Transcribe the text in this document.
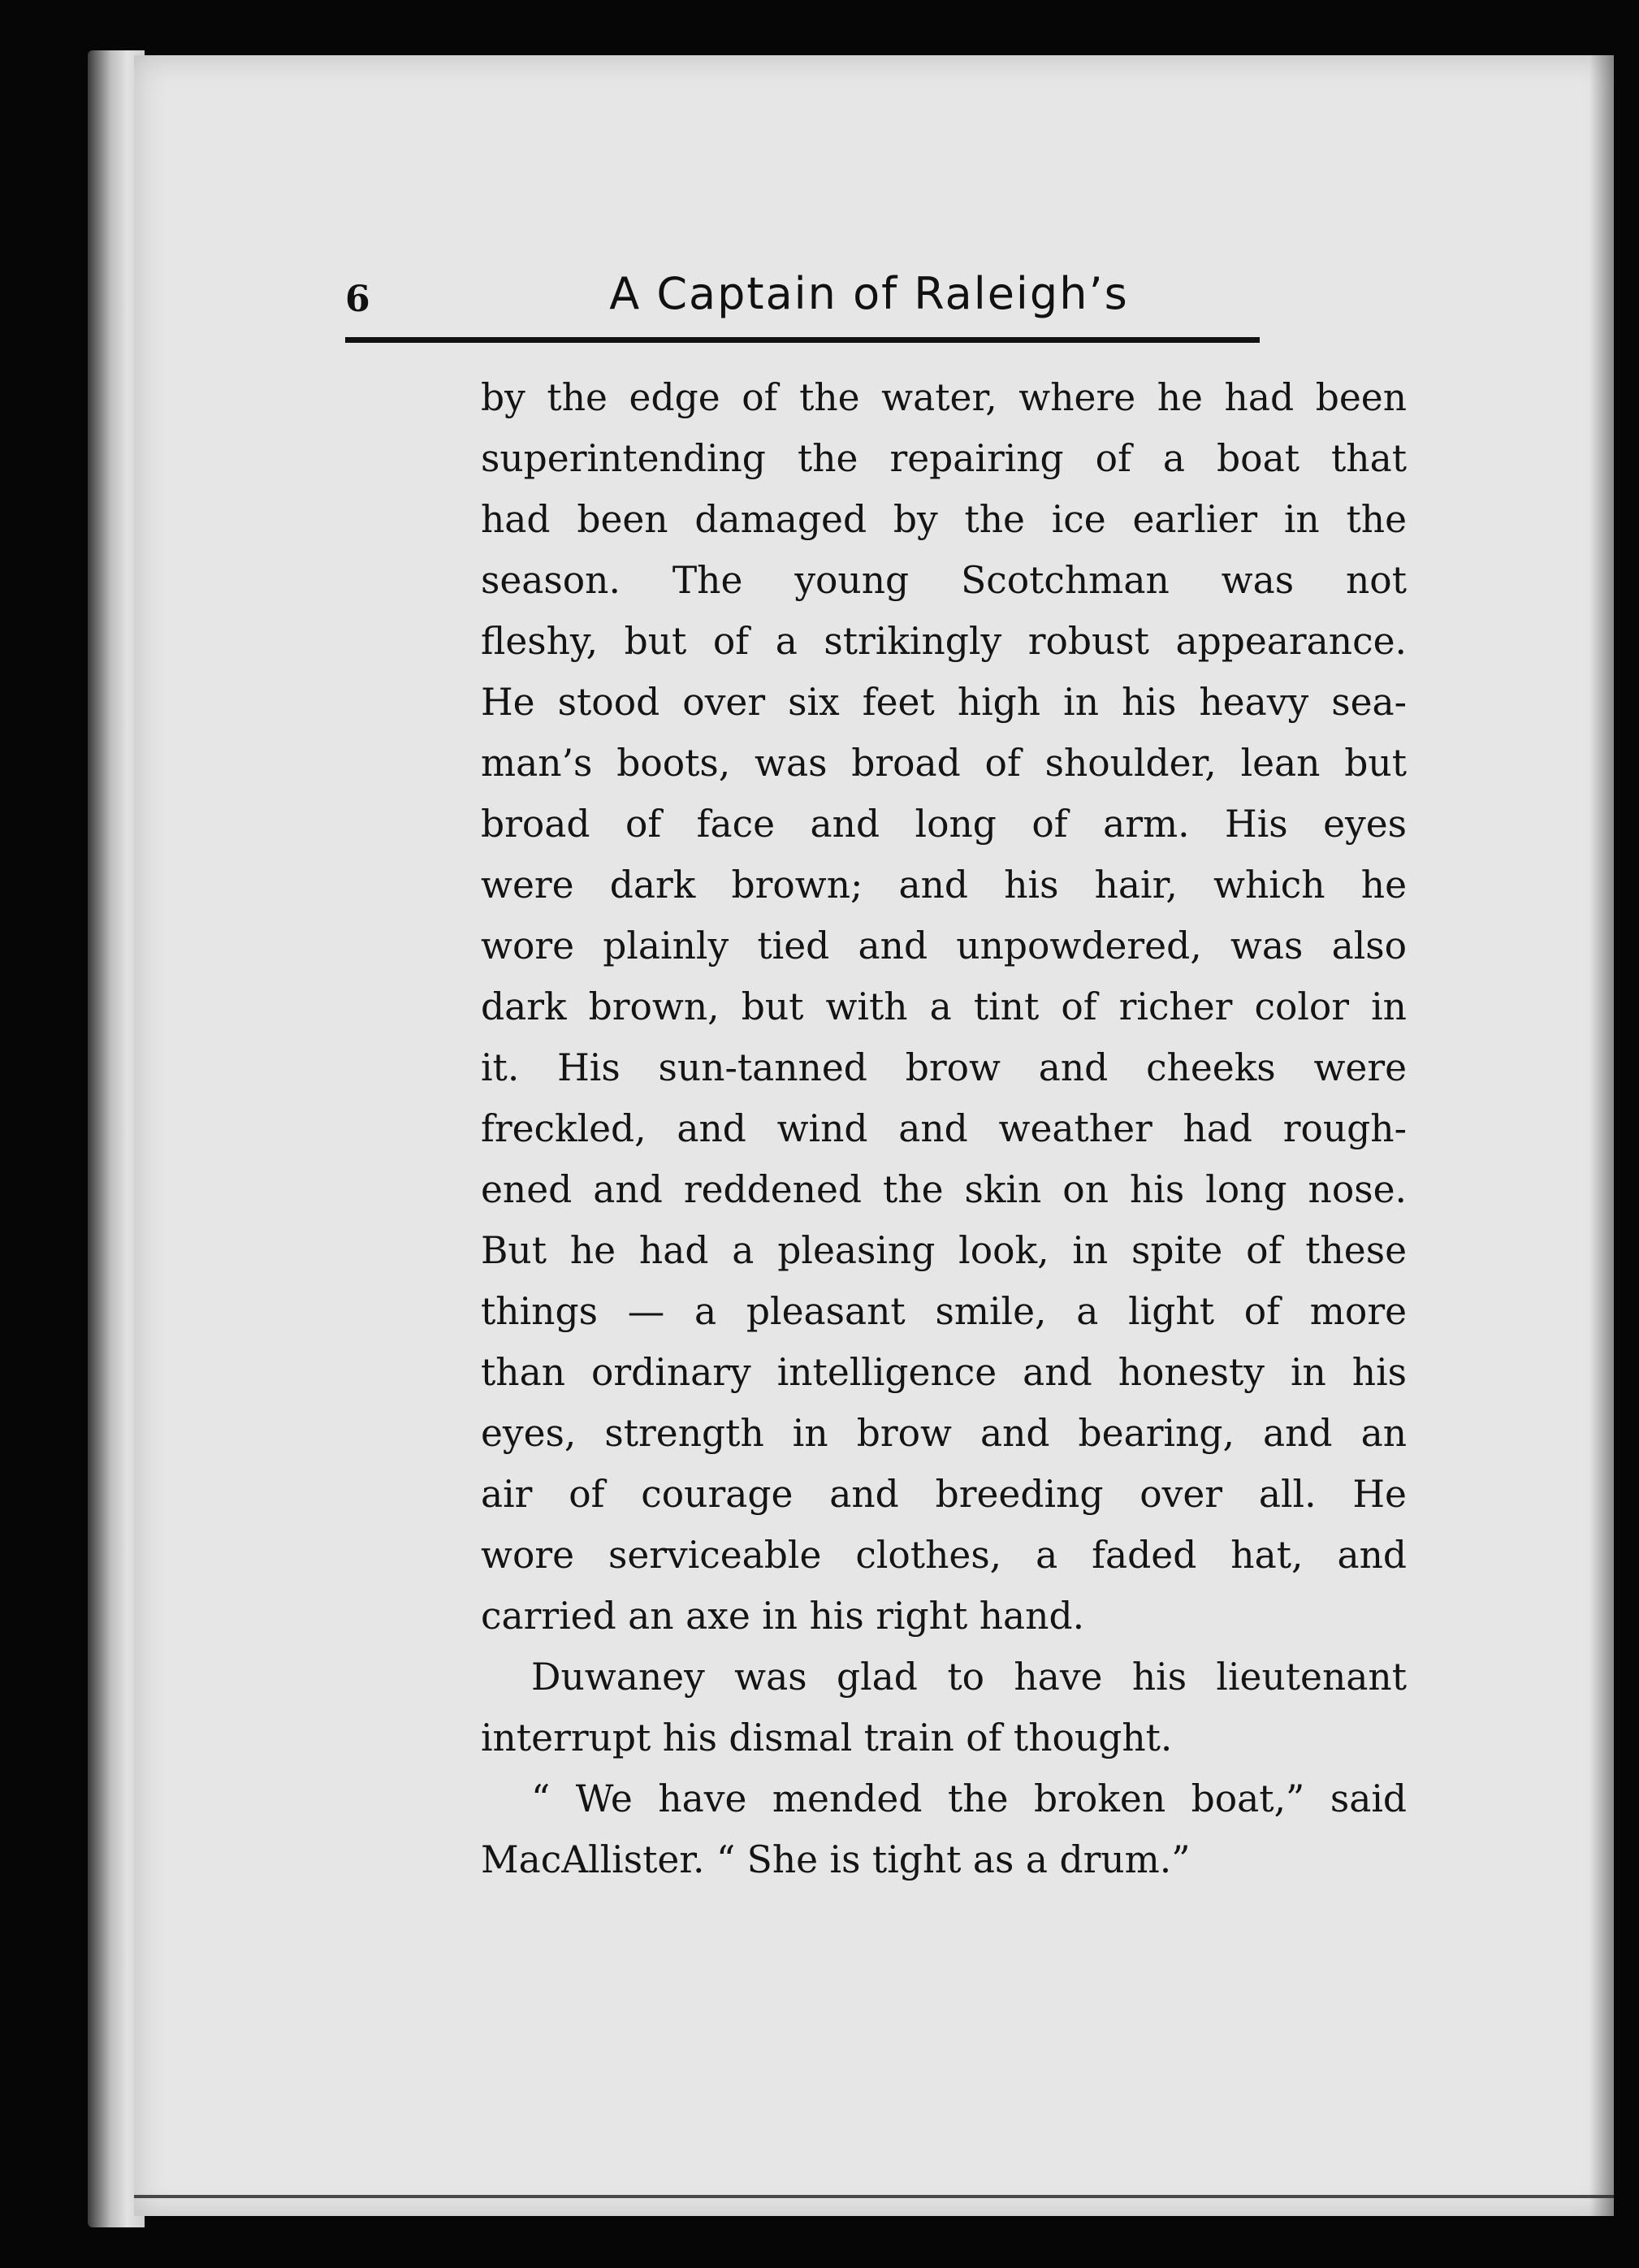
6	A Captain of Raleigh’s
by the edge of the water, where he had been
superintending the repairing of a boat that
had been damaged by the ice earlier in the
season. The young Scotchman was not
fleshy, but of a strikingly robust appearance.
He stood over six feet high in his heavy sea-
man’s boots, was broad of shoulder, lean but
broad of face and long of arm. His eyes
were dark brown; and his hair, which he
wore plainly tied and unpowdered, was also
dark brown, but with a tint of richer color in
it. His sun-tanned brow and cheeks were
freckled, and wind and weather had rough-
ened and reddened the skin on his long nose.
But he had a pleasing look, in spite of these
things — a pleasant smile, a light of more
than ordinary intelligence and honesty in his
eyes, strength in brow and bearing, and an
air of courage and breeding over all. He
wore serviceable clothes, a faded hat, and
carried an axe in his right hand.
Duwaney was glad to have his lieutenant
interrupt his dismal train of thought.
“ We have mended the broken boat,” said
MacAllister. “ She is tight as a drum.”
